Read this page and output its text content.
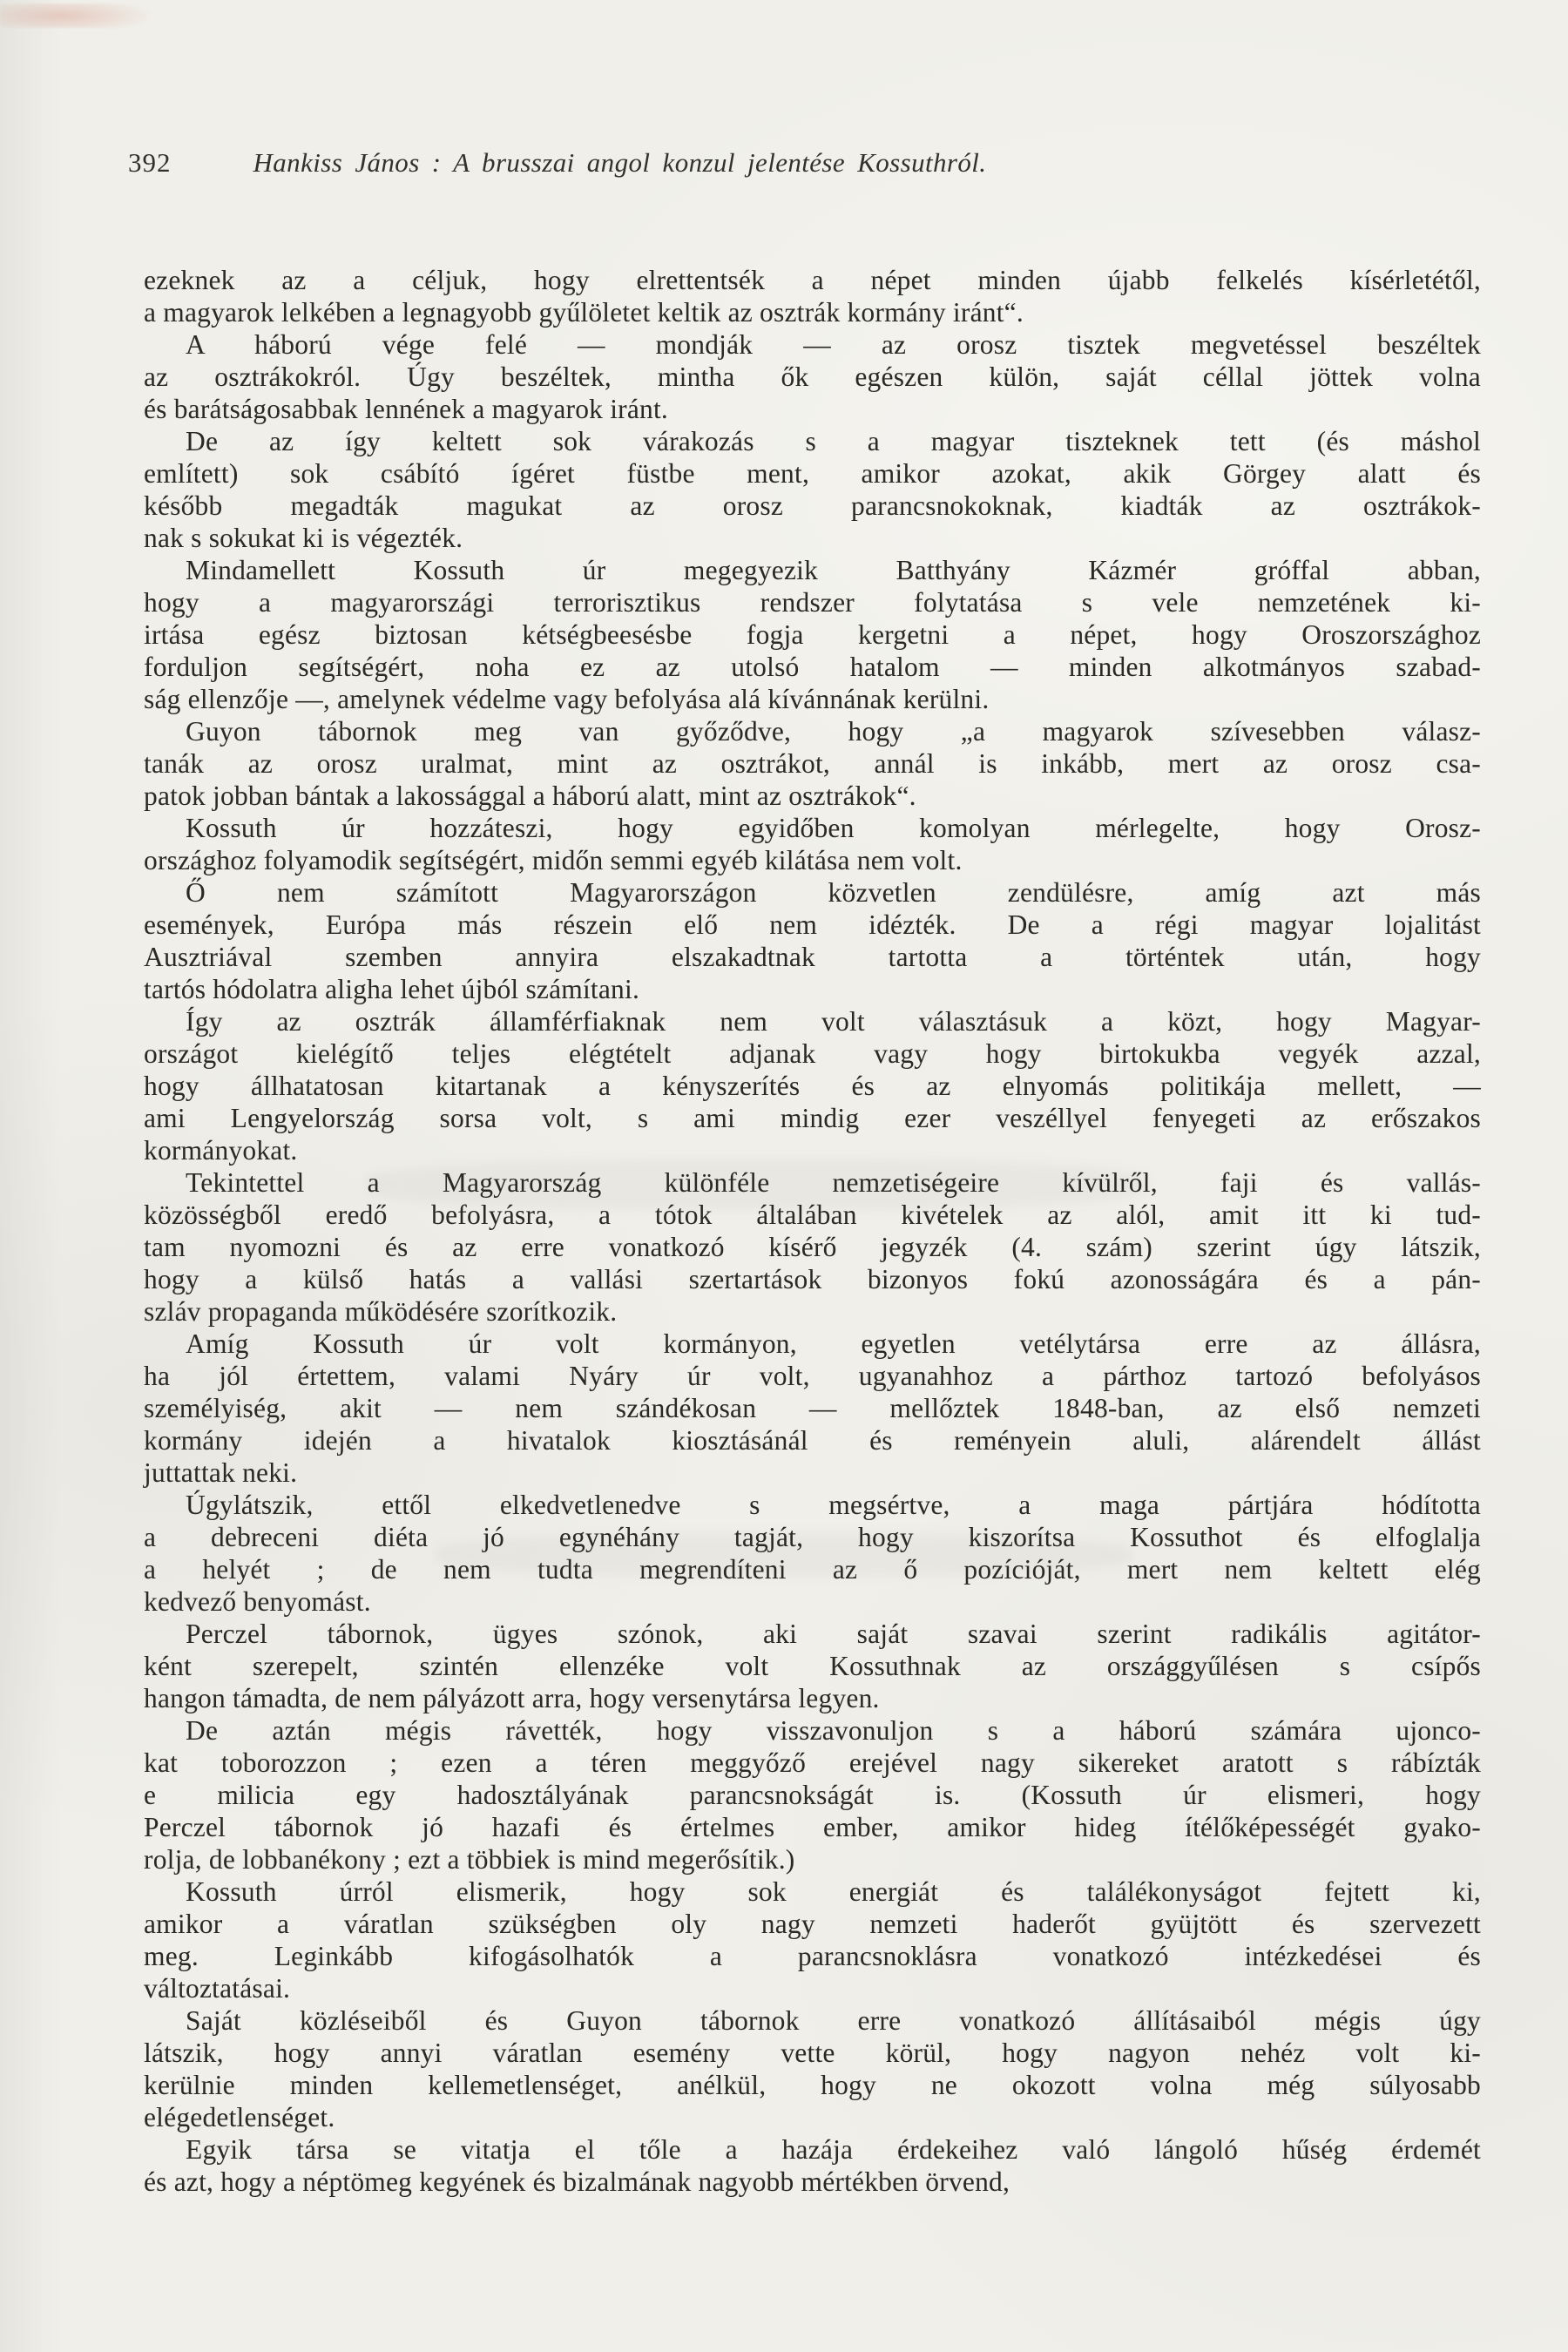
392	Hankiss János : A brusszai angol konzul jelentése Kossuthról.
ezeknek az a céljuk, hogy elrettentsék a népet minden újabb felkelés kísérletétől,
a magyarok lelkében a legnagyobb gyűlöletet keltik az osztrák kormány iránt“.
A háború vége felé — mondják — az orosz tisztek megvetéssel beszéltek
az osztrákokról. Úgy beszéltek, mintha ők egészen külön, saját céllal jöttek volna
és barátságosabbak lennének a magyarok iránt.
De az így keltett sok várakozás s a magyar tiszteknek tett (és máshol
említett) sok csábító ígéret füstbe ment, amikor azokat, akik Görgey alatt és
később megadták magukat az orosz parancsnokoknak, kiadták az osztrákok-
nak s sokukat ki is végezték.
Mindamellett Kossuth úr megegyezik Batthyány Kázmér gróffal abban,
hogy a magyarországi terrorisztikus rendszer folytatása s vele nemzetének ki-
irtása egész biztosan kétségbeesésbe fogja kergetni a népet, hogy Oroszországhoz
forduljon segítségért, noha ez az utolsó hatalom — minden alkotmányos szabad-
ság ellenzője —, amelynek védelme vagy befolyása alá kívánnának kerülni.
Guyon tábornok meg van győződve, hogy „a magyarok szívesebben válasz-
tanák az orosz uralmat, mint az osztrákot, annál is inkább, mert az orosz csa-
patok jobban bántak a lakossággal a háború alatt, mint az osztrákok“.
Kossuth úr hozzáteszi, hogy egyidőben komolyan mérlegelte, hogy Orosz-
országhoz folyamodik segítségért, midőn semmi egyéb kilátása nem volt.
Ő nem számított Magyarországon közvetlen zendülésre, amíg azt más
események, Európa más részein elő nem idézték. De a régi magyar lojalitást
Ausztriával szemben annyira elszakadtnak tartotta a történtek után, hogy
tartós hódolatra aligha lehet újból számítani.
Így az osztrák államférfiaknak nem volt választásuk a közt, hogy Magyar-
országot kielégítő teljes elégtételt adjanak vagy hogy birtokukba vegyék azzal,
hogy állhatatosan kitartanak a kényszerítés és az elnyomás politikája mellett, —
ami Lengyelország sorsa volt, s ami mindig ezer veszéllyel fenyegeti az erőszakos
kormányokat.
Tekintettel a Magyarország különféle nemzetiségeire kívülről, faji és vallás-
közösségből eredő befolyásra, a tótok általában kivételek az alól, amit itt ki tud-
tam nyomozni és az erre vonatkozó kísérő jegyzék (4. szám) szerint úgy látszik,
hogy a külső hatás a vallási szertartások bizonyos fokú azonosságára és a pán-
szláv propaganda működésére szorítkozik.
Amíg Kossuth úr volt kormányon, egyetlen vetélytársa erre az állásra,
ha jól értettem, valami Nyáry úr volt, ugyanahhoz a párthoz tartozó befolyásos
személyiség, akit — nem szándékosan — mellőztek 1848-ban, az első nemzeti
kormány idején a hivatalok kiosztásánál és reményein aluli, alárendelt állást
juttattak neki.
Úgylátszik, ettől elkedvetlenedve s megsértve, a maga pártjára hódította
a debreceni diéta jó egynéhány tagját, hogy kiszorítsa Kossuthot és elfoglalja
a helyét ; de nem tudta megrendíteni az ő pozícióját, mert nem keltett elég
kedvező benyomást.
Perczel tábornok, ügyes szónok, aki saját szavai szerint radikális agitátor-
ként szerepelt, szintén ellenzéke volt Kossuthnak az országgyűlésen s csípős
hangon támadta, de nem pályázott arra, hogy versenytársa legyen.
De aztán mégis rávették, hogy visszavonuljon s a háború számára ujonco-
kat toborozzon ; ezen a téren meggyőző erejével nagy sikereket aratott s rábízták
e milicia egy hadosztályának parancsnokságát is. (Kossuth úr elismeri, hogy
Perczel tábornok jó hazafi és értelmes ember, amikor hideg ítélőképességét gyako-
rolja, de lobbanékony ; ezt a többiek is mind megerősítik.)
Kossuth úrról elismerik, hogy sok energiát és találékonyságot fejtett ki,
amikor a váratlan szükségben oly nagy nemzeti haderőt gyüjtött és szervezett
meg. Leginkább kifogásolhatók a parancsnoklásra vonatkozó intézkedései és
változtatásai.
Saját közléseiből és Guyon tábornok erre vonatkozó állításaiból mégis úgy
látszik, hogy annyi váratlan esemény vette körül, hogy nagyon nehéz volt ki-
kerülnie minden kellemetlenséget, anélkül, hogy ne okozott volna még súlyosabb
elégedetlenséget.
Egyik társa se vitatja el tőle a hazája érdekeihez való lángoló hűség érdemét
és azt, hogy a néptömeg kegyének és bizalmának nagyobb mértékben örvend,
